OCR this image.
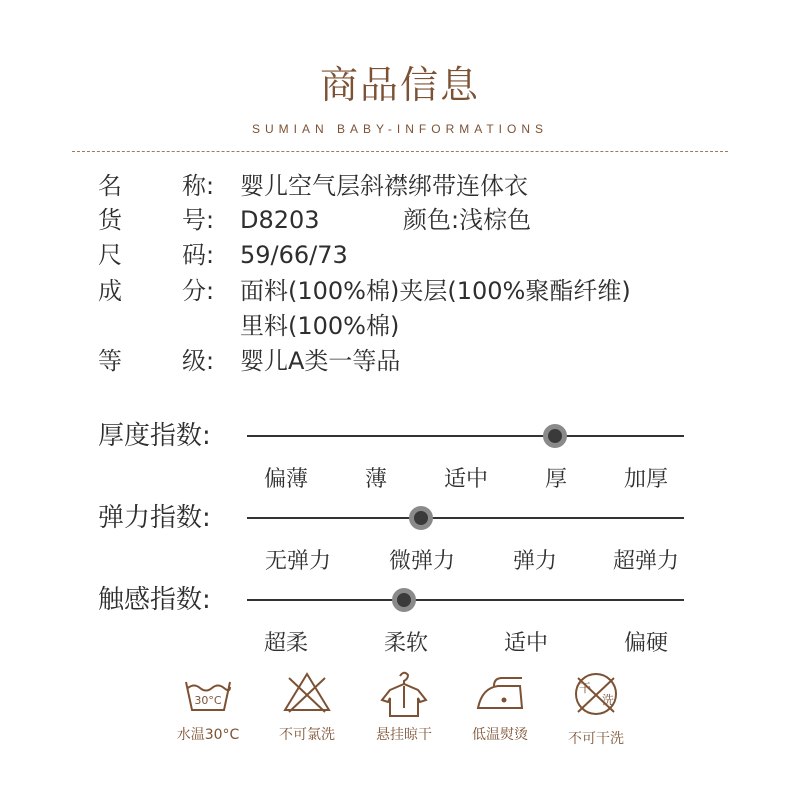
商品信息
SUMIAN BABY-INFORMATIONS
名	称: 婴儿空气层斜襟绑带连体衣
货	号: D8203	颜色:浅棕色
尺	码: 59/66/73
成	分: 面料(100%棉)夹层(100%聚酯纤维)
里料(100%棉)
等	级: 婴儿A类一等品
厚度指数:
偏薄	薄	适中	厚	加厚
弹力指数:
无弹力	微弹力	弹力	超弹力
触感指数:
超柔	柔软	适中	偏硬
30°C
水温30°C	不可氯洗	悬挂晾干	低温熨烫
干
洗
不可干洗
